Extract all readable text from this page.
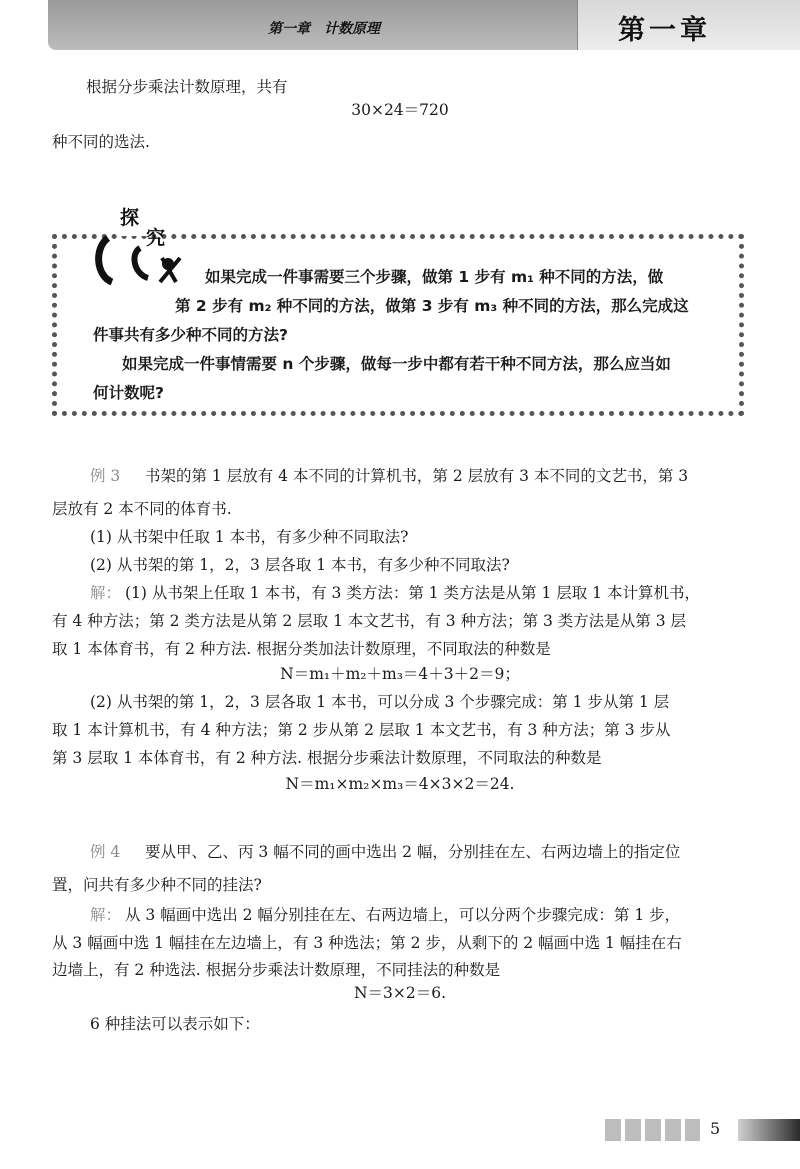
第一章　计数原理	第一章
根据分步乘法计数原理，共有
30×24＝720
种不同的选法.
探
究
如果完成一件事需要三个步骤，做第 1 步有 m₁ 种不同的方法，做
第 2 步有 m₂ 种不同的方法，做第 3 步有 m₃ 种不同的方法，那么完成这
件事共有多少种不同的方法?
如果完成一件事情需要 n 个步骤，做每一步中都有若干种不同方法，那么应当如
何计数呢?
例 3 书架的第 1 层放有 4 本不同的计算机书，第 2 层放有 3 本不同的文艺书，第 3
层放有 2 本不同的体育书.
(1) 从书架中任取 1 本书，有多少种不同取法?
(2) 从书架的第 1，2，3 层各取 1 本书，有多少种不同取法?
解： (1) 从书架上任取 1 本书，有 3 类方法：第 1 类方法是从第 1 层取 1 本计算机书，
有 4 种方法；第 2 类方法是从第 2 层取 1 本文艺书，有 3 种方法；第 3 类方法是从第 3 层
取 1 本体育书，有 2 种方法. 根据分类加法计数原理，不同取法的种数是
N＝m₁＋m₂＋m₃＝4＋3＋2＝9；
(2) 从书架的第 1，2，3 层各取 1 本书，可以分成 3 个步骤完成：第 1 步从第 1 层
取 1 本计算机书，有 4 种方法；第 2 步从第 2 层取 1 本文艺书，有 3 种方法；第 3 步从
第 3 层取 1 本体育书，有 2 种方法. 根据分步乘法计数原理，不同取法的种数是
N＝m₁×m₂×m₃＝4×3×2＝24.
例 4 要从甲、乙、丙 3 幅不同的画中选出 2 幅，分别挂在左、右两边墙上的指定位
置，问共有多少种不同的挂法?
解： 从 3 幅画中选出 2 幅分别挂在左、右两边墙上，可以分两个步骤完成：第 1 步，
从 3 幅画中选 1 幅挂在左边墙上，有 3 种选法；第 2 步，从剩下的 2 幅画中选 1 幅挂在右
边墙上，有 2 种选法. 根据分步乘法计数原理，不同挂法的种数是
N＝3×2＝6.
6 种挂法可以表示如下：
5
